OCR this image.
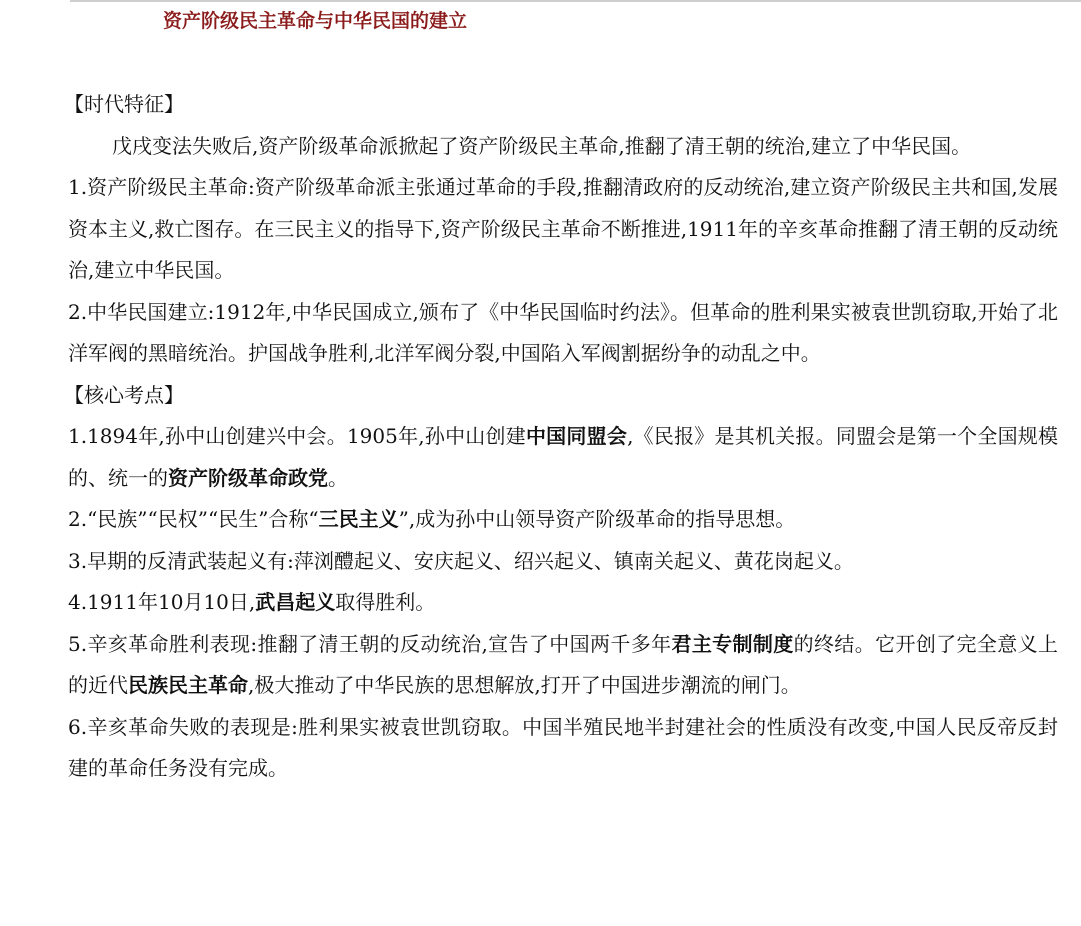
资产阶级民主革命与中华民国的建立

【时代特征】

戊戌变法失败后,资产阶级革命派掀起了资产阶级民主革命,推翻了清王朝的统治,建立了中华民国。

1.资产阶级民主革命:资产阶级革命派主张通过革命的手段,推翻清政府的反动统治,建立资产阶级民主共和国,发展资本主义,救亡图存。在三民主义的指导下,资产阶级民主革命不断推进,1911年的辛亥革命推翻了清王朝的反动统治,建立中华民国。

2.中华民国建立:1912年,中华民国成立,颁布了《中华民国临时约法》。但革命的胜利果实被袁世凯窃取,开始了北洋军阀的黑暗统治。护国战争胜利,北洋军阀分裂,中国陷入军阀割据纷争的动乱之中。

【核心考点】

1.1894年,孙中山创建兴中会。1905年,孙中山创建中国同盟会,《民报》是其机关报。同盟会是第一个全国规模的、统一的资产阶级革命政党。

2.“民族”“民权”“民生”合称“三民主义”,成为孙中山领导资产阶级革命的指导思想。

3.早期的反清武装起义有:萍浏醴起义、安庆起义、绍兴起义、镇南关起义、黄花岗起义。

4.1911年10月10日,武昌起义取得胜利。

5.辛亥革命胜利表现:推翻了清王朝的反动统治,宣告了中国两千多年君主专制制度的终结。它开创了完全意义上的近代民族民主革命,极大推动了中华民族的思想解放,打开了中国进步潮流的闸门。

6.辛亥革命失败的表现是:胜利果实被袁世凯窃取。中国半殖民地半封建社会的性质没有改变,中国人民反帝反封建的革命任务没有完成。
